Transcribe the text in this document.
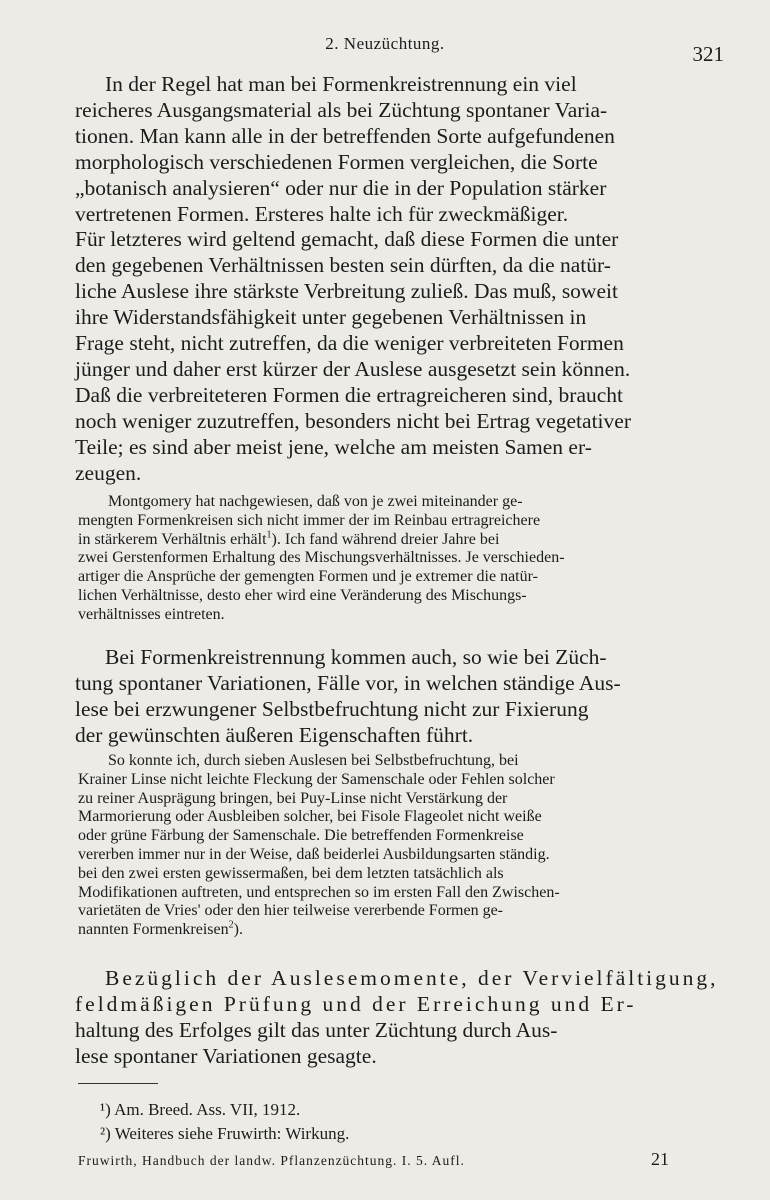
2. Neuzüchtung.	321

In der Regel hat man bei Formenkreistrennung ein viel
reicheres Ausgangsmaterial als bei Züchtung spontaner Varia-
tionen. Man kann alle in der betreffenden Sorte aufgefundenen
morphologisch verschiedenen Formen vergleichen, die Sorte
„botanisch analysieren“ oder nur die in der Population stärker
vertretenen Formen. Ersteres halte ich für zweckmäßiger.
Für letzteres wird geltend gemacht, daß diese Formen die unter
den gegebenen Verhältnissen besten sein dürften, da die natür-
liche Auslese ihre stärkste Verbreitung zuließ. Das muß, soweit
ihre Widerstandsfähigkeit unter gegebenen Verhältnissen in
Frage steht, nicht zutreffen, da die weniger verbreiteten Formen
jünger und daher erst kürzer der Auslese ausgesetzt sein können.
Daß die verbreiteteren Formen die ertragreicheren sind, braucht
noch weniger zuzutreffen, besonders nicht bei Ertrag vegetativer
Teile; es sind aber meist jene, welche am meisten Samen er-
zeugen.

Montgomery hat nachgewiesen, daß von je zwei miteinander ge-
mengten Formenkreisen sich nicht immer der im Reinbau ertragreichere
in stärkerem Verhältnis erhält$^1$). Ich fand während dreier Jahre bei
zwei Gerstenformen Erhaltung des Mischungsverhältnisses. Je verschieden-
artiger die Ansprüche der gemengten Formen und je extremer die natür-
lichen Verhältnisse, desto eher wird eine Veränderung des Mischungs-
verhältnisses eintreten.

Bei Formenkreistrennung kommen auch, so wie bei Züch-
tung spontaner Variationen, Fälle vor, in welchen ständige Aus-
lese bei erzwungener Selbstbefruchtung nicht zur Fixierung
der gewünschten äußeren Eigenschaften führt.

So konnte ich, durch sieben Auslesen bei Selbstbefruchtung, bei
Krainer Linse nicht leichte Fleckung der Samenschale oder Fehlen solcher
zu reiner Ausprägung bringen, bei Puy-Linse nicht Verstärkung der
Marmorierung oder Ausbleiben solcher, bei Fisole Flageolet nicht weiße
oder grüne Färbung der Samenschale. Die betreffenden Formenkreise
vererben immer nur in der Weise, daß beiderlei Ausbildungsarten ständig.
bei den zwei ersten gewissermaßen, bei dem letzten tatsächlich als
Modifikationen auftreten, und entsprechen so im ersten Fall den Zwischen-
varietäten de Vries' oder den hier teilweise vererbende Formen ge-
nannten Formenkreisen$^2$).

Bezüglich der Auslesemomente, der Vervielfältigung,
feldmäßigen Prüfung und der Erreichung und Er-
haltung des Erfolges gilt das unter Züchtung durch Aus-
lese spontaner Variationen gesagte.

¹) Am. Breed. Ass. VII, 1912.
²) Weiteres siehe Fruwirth: Wirkung.
Fruwirth, Handbuch der landw. Pflanzenzüchtung. I. 5. Aufl.	21
